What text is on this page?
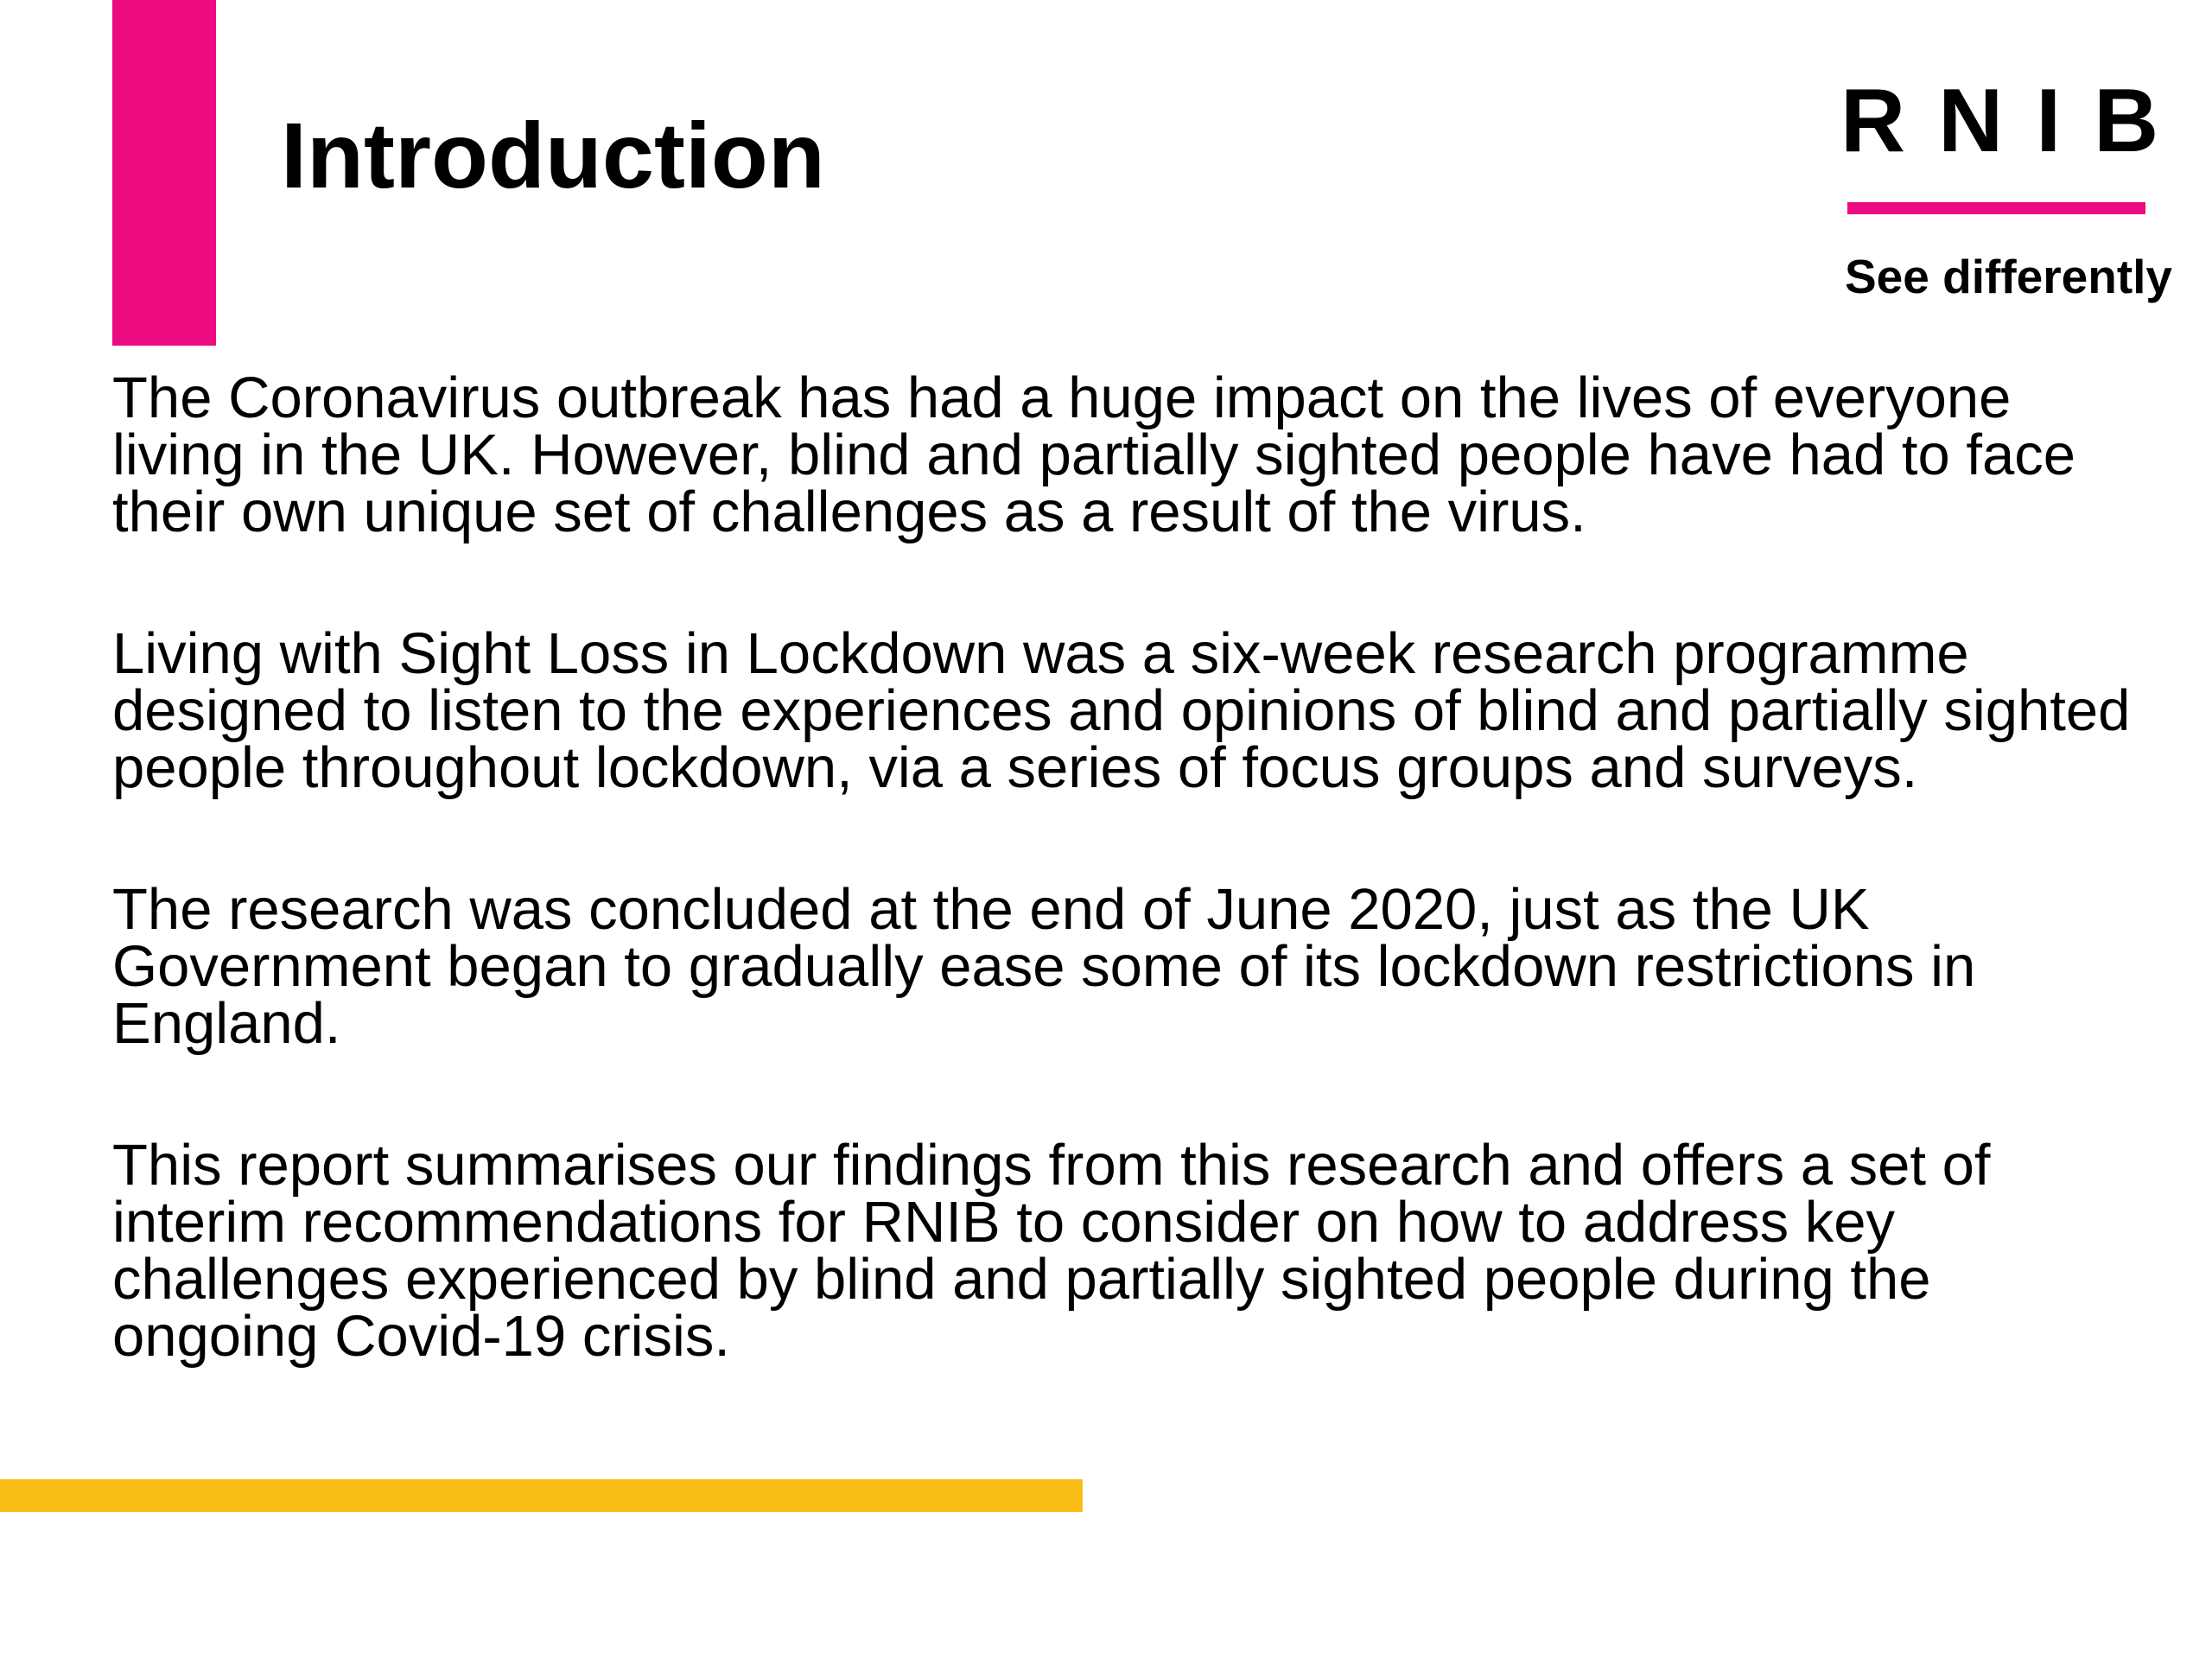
Introduction	RNIB
See differently

The Coronavirus outbreak has had a huge impact on the lives of everyone living in the UK. However, blind and partially sighted people have had to face their own unique set of challenges as a result of the virus.

Living with Sight Loss in Lockdown was a six-week research programme designed to listen to the experiences and opinions of blind and partially sighted people throughout lockdown, via a series of focus groups and surveys.

The research was concluded at the end of June 2020, just as the UK Government began to gradually ease some of its lockdown restrictions in England.

This report summarises our findings from this research and offers a set of interim recommendations for RNIB to consider on how to address key challenges experienced by blind and partially sighted people during the ongoing Covid-19 crisis.
